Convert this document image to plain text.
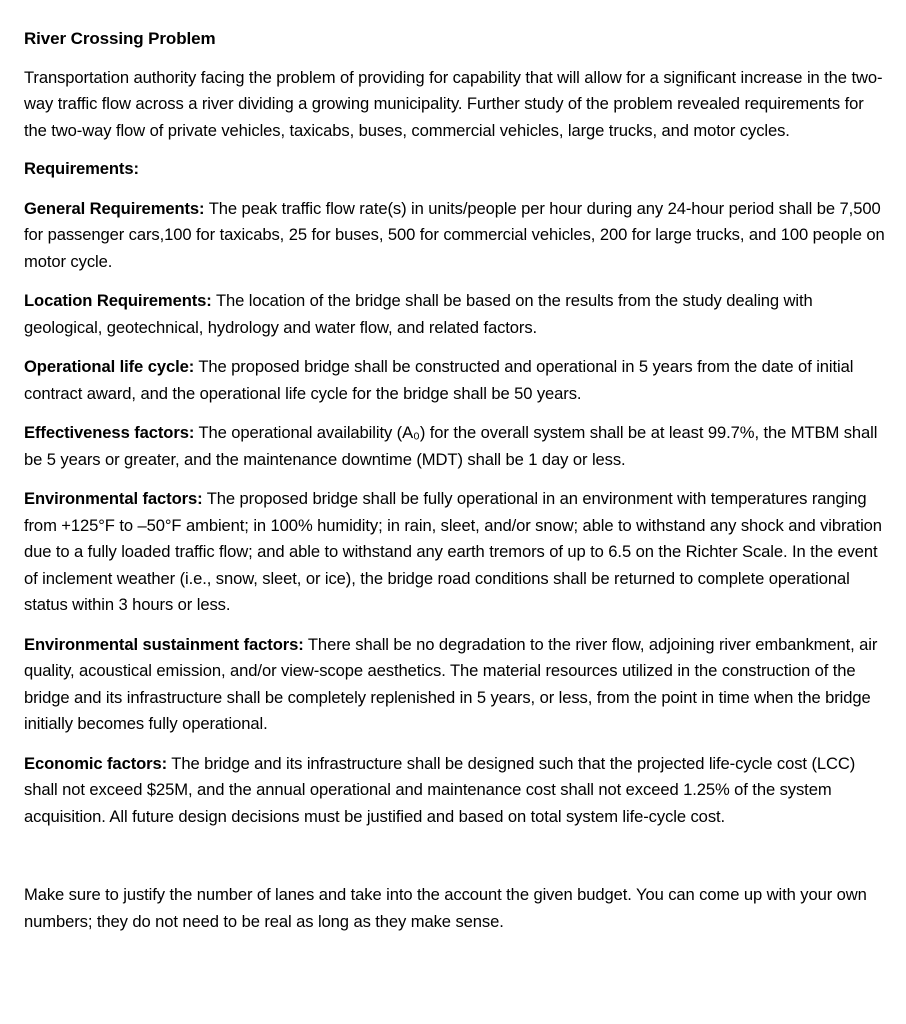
River Crossing Problem

Transportation authority facing the problem of providing for capability that will allow for a significant increase in the two-way traffic flow across a river dividing a growing municipality. Further study of the problem revealed requirements for the two-way flow of private vehicles, taxicabs, buses, commercial vehicles, large trucks, and motor cycles.

Requirements:
General Requirements: The peak traffic flow rate(s) in units/people per hour during any 24-hour period shall be 7,500 for passenger cars,100 for taxicabs, 25 for buses, 500 for commercial vehicles, 200 for large trucks, and 100 people on motor cycle.
Location Requirements: The location of the bridge shall be based on the results from the study dealing with geological, geotechnical, hydrology and water flow, and related factors.
Operational life cycle: The proposed bridge shall be constructed and operational in 5 years from the date of initial contract award, and the operational life cycle for the bridge shall be 50 years.
Effectiveness factors: The operational availability (A₀) for the overall system shall be at least 99.7%, the MTBM shall be 5 years or greater, and the maintenance downtime (MDT) shall be 1 day or less.
Environmental factors: The proposed bridge shall be fully operational in an environment with temperatures ranging from +125°F to –50°F ambient; in 100% humidity; in rain, sleet, and/or snow; able to withstand any shock and vibration due to a fully loaded traffic flow; and able to withstand any earth tremors of up to 6.5 on the Richter Scale. In the event of inclement weather (i.e., snow, sleet, or ice), the bridge road conditions shall be returned to complete operational status within 3 hours or less.
Environmental sustainment factors: There shall be no degradation to the river flow, adjoining river embankment, air quality, acoustical emission, and/or view-scope aesthetics. The material resources utilized in the construction of the bridge and its infrastructure shall be completely replenished in 5 years, or less, from the point in time when the bridge initially becomes fully operational.
Economic factors: The bridge and its infrastructure shall be designed such that the projected life-cycle cost (LCC) shall not exceed $25M, and the annual operational and maintenance cost shall not exceed 1.25% of the system acquisition. All future design decisions must be justified and based on total system life-cycle cost.

Make sure to justify the number of lanes and take into the account the given budget. You can come up with your own numbers; they do not need to be real as long as they make sense.
